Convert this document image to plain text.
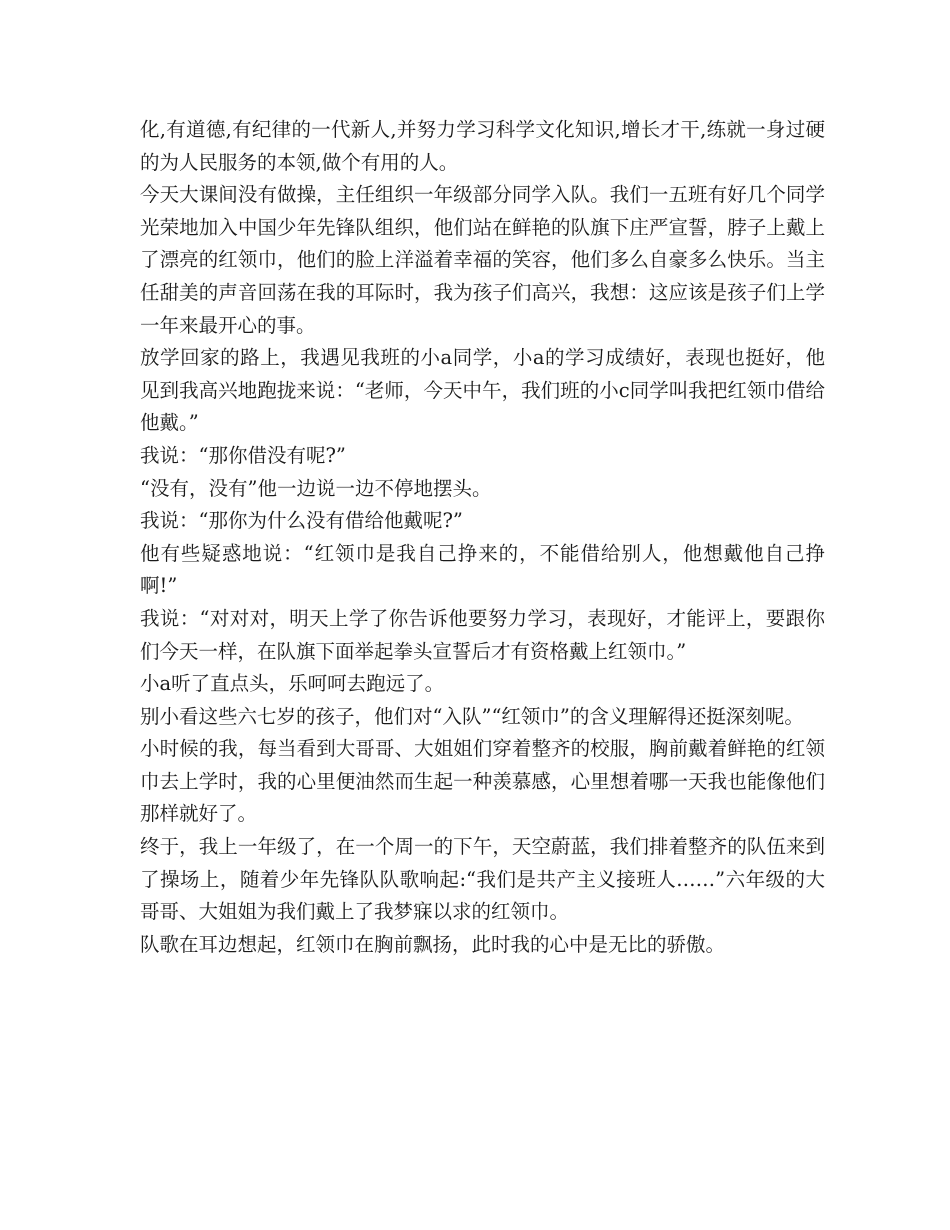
化,有道德,有纪律的一代新人,并努力学习科学文化知识,增长才干,练就一身过硬的为人民服务的本领,做个有用的人。

今天大课间没有做操，主任组织一年级部分同学入队。我们一五班有好几个同学光荣地加入中国少年先锋队组织，他们站在鲜艳的队旗下庄严宣誓，脖子上戴上了漂亮的红领巾，他们的脸上洋溢着幸福的笑容，他们多么自豪多么快乐。当主任甜美的声音回荡在我的耳际时，我为孩子们高兴，我想：这应该是孩子们上学一年来最开心的事。

放学回家的路上，我遇见我班的小a同学，小a的学习成绩好，表现也挺好，他见到我高兴地跑拢来说：“老师，今天中午，我们班的小c同学叫我把红领巾借给他戴。”

我说：“那你借没有呢?”

“没有，没有”他一边说一边不停地摆头。

我说：“那你为什么没有借给他戴呢?”

他有些疑惑地说：“红领巾是我自己挣来的，不能借给别人，他想戴他自己挣啊!”

我说：“对对对，明天上学了你告诉他要努力学习，表现好，才能评上，要跟你们今天一样，在队旗下面举起拳头宣誓后才有资格戴上红领巾。”

小a听了直点头，乐呵呵去跑远了。

别小看这些六七岁的孩子，他们对“入队”“红领巾”的含义理解得还挺深刻呢。

小时候的我，每当看到大哥哥、大姐姐们穿着整齐的校服，胸前戴着鲜艳的红领巾去上学时，我的心里便油然而生起一种羡慕感，心里想着哪一天我也能像他们那样就好了。

终于，我上一年级了，在一个周一的下午，天空蔚蓝，我们排着整齐的队伍来到了操场上，随着少年先锋队队歌响起:“我们是共产主义接班人……”六年级的大哥哥、大姐姐为我们戴上了我梦寐以求的红领巾。

队歌在耳边想起，红领巾在胸前飘扬，此时我的心中是无比的骄傲。
